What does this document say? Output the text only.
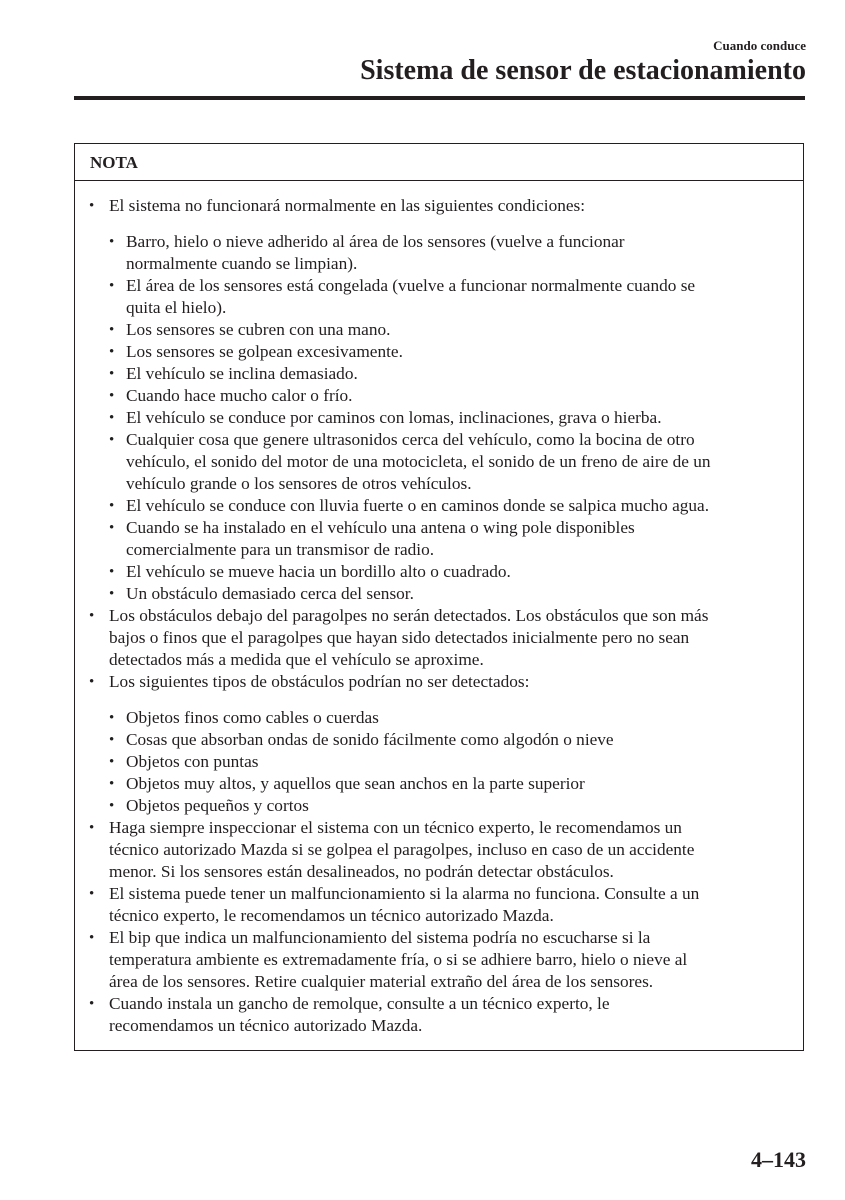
Cuando conduce
Sistema de sensor de estacionamiento
NOTA
• El sistema no funcionará normalmente en las siguientes condiciones:
• Barro, hielo o nieve adherido al área de los sensores (vuelve a funcionar
normalmente cuando se limpian).
• El área de los sensores está congelada (vuelve a funcionar normalmente cuando se
quita el hielo).
• Los sensores se cubren con una mano.
• Los sensores se golpean excesivamente.
• El vehículo se inclina demasiado.
• Cuando hace mucho calor o frío.
• El vehículo se conduce por caminos con lomas, inclinaciones, grava o hierba.
• Cualquier cosa que genere ultrasonidos cerca del vehículo, como la bocina de otro
vehículo, el sonido del motor de una motocicleta, el sonido de un freno de aire de un
vehículo grande o los sensores de otros vehículos.
• El vehículo se conduce con lluvia fuerte o en caminos donde se salpica mucho agua.
• Cuando se ha instalado en el vehículo una antena o wing pole disponibles
comercialmente para un transmisor de radio.
• El vehículo se mueve hacia un bordillo alto o cuadrado.
• Un obstáculo demasiado cerca del sensor.
• Los obstáculos debajo del paragolpes no serán detectados. Los obstáculos que son más
bajos o finos que el paragolpes que hayan sido detectados inicialmente pero no sean
detectados más a medida que el vehículo se aproxime.
• Los siguientes tipos de obstáculos podrían no ser detectados:
• Objetos finos como cables o cuerdas
• Cosas que absorban ondas de sonido fácilmente como algodón o nieve
• Objetos con puntas
• Objetos muy altos, y aquellos que sean anchos en la parte superior
• Objetos pequeños y cortos
• Haga siempre inspeccionar el sistema con un técnico experto, le recomendamos un
técnico autorizado Mazda si se golpea el paragolpes, incluso en caso de un accidente
menor. Si los sensores están desalineados, no podrán detectar obstáculos.
• El sistema puede tener un malfuncionamiento si la alarma no funciona. Consulte a un
técnico experto, le recomendamos un técnico autorizado Mazda.
• El bip que indica un malfuncionamiento del sistema podría no escucharse si la
temperatura ambiente es extremadamente fría, o si se adhiere barro, hielo o nieve al
área de los sensores. Retire cualquier material extraño del área de los sensores.
• Cuando instala un gancho de remolque, consulte a un técnico experto, le
recomendamos un técnico autorizado Mazda.
4–143
